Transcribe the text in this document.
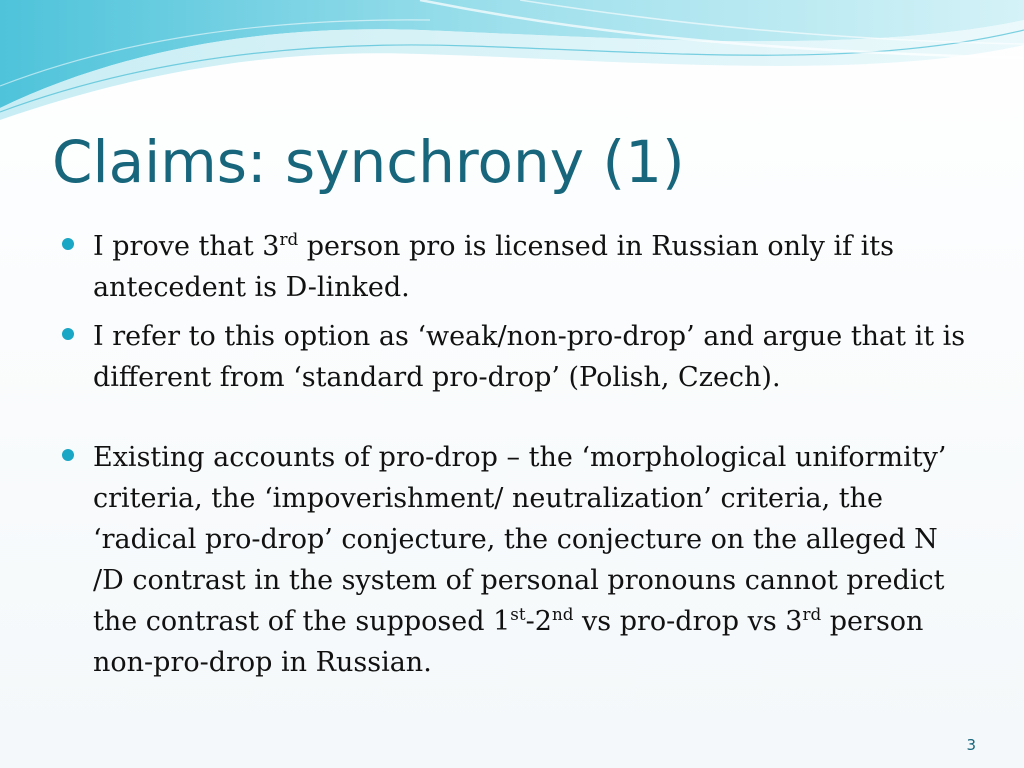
Claims: synchrony (1)
I prove that 3rd person pro is licensed in Russian only if its antecedent is D-linked.
I refer to this option as ‘weak/non-pro-drop’ and argue that it is different from ‘standard pro-drop’ (Polish, Czech).
Existing accounts of pro-drop – the ‘morphological uniformity’ criteria, the ‘impoverishment/ neutralization’ criteria, the ‘radical pro-drop’ conjecture, the conjecture on the alleged N /D contrast in the system of personal pronouns cannot predict the contrast of the supposed 1st-2nd vs pro-drop vs 3rd person non-pro-drop in Russian.
3
